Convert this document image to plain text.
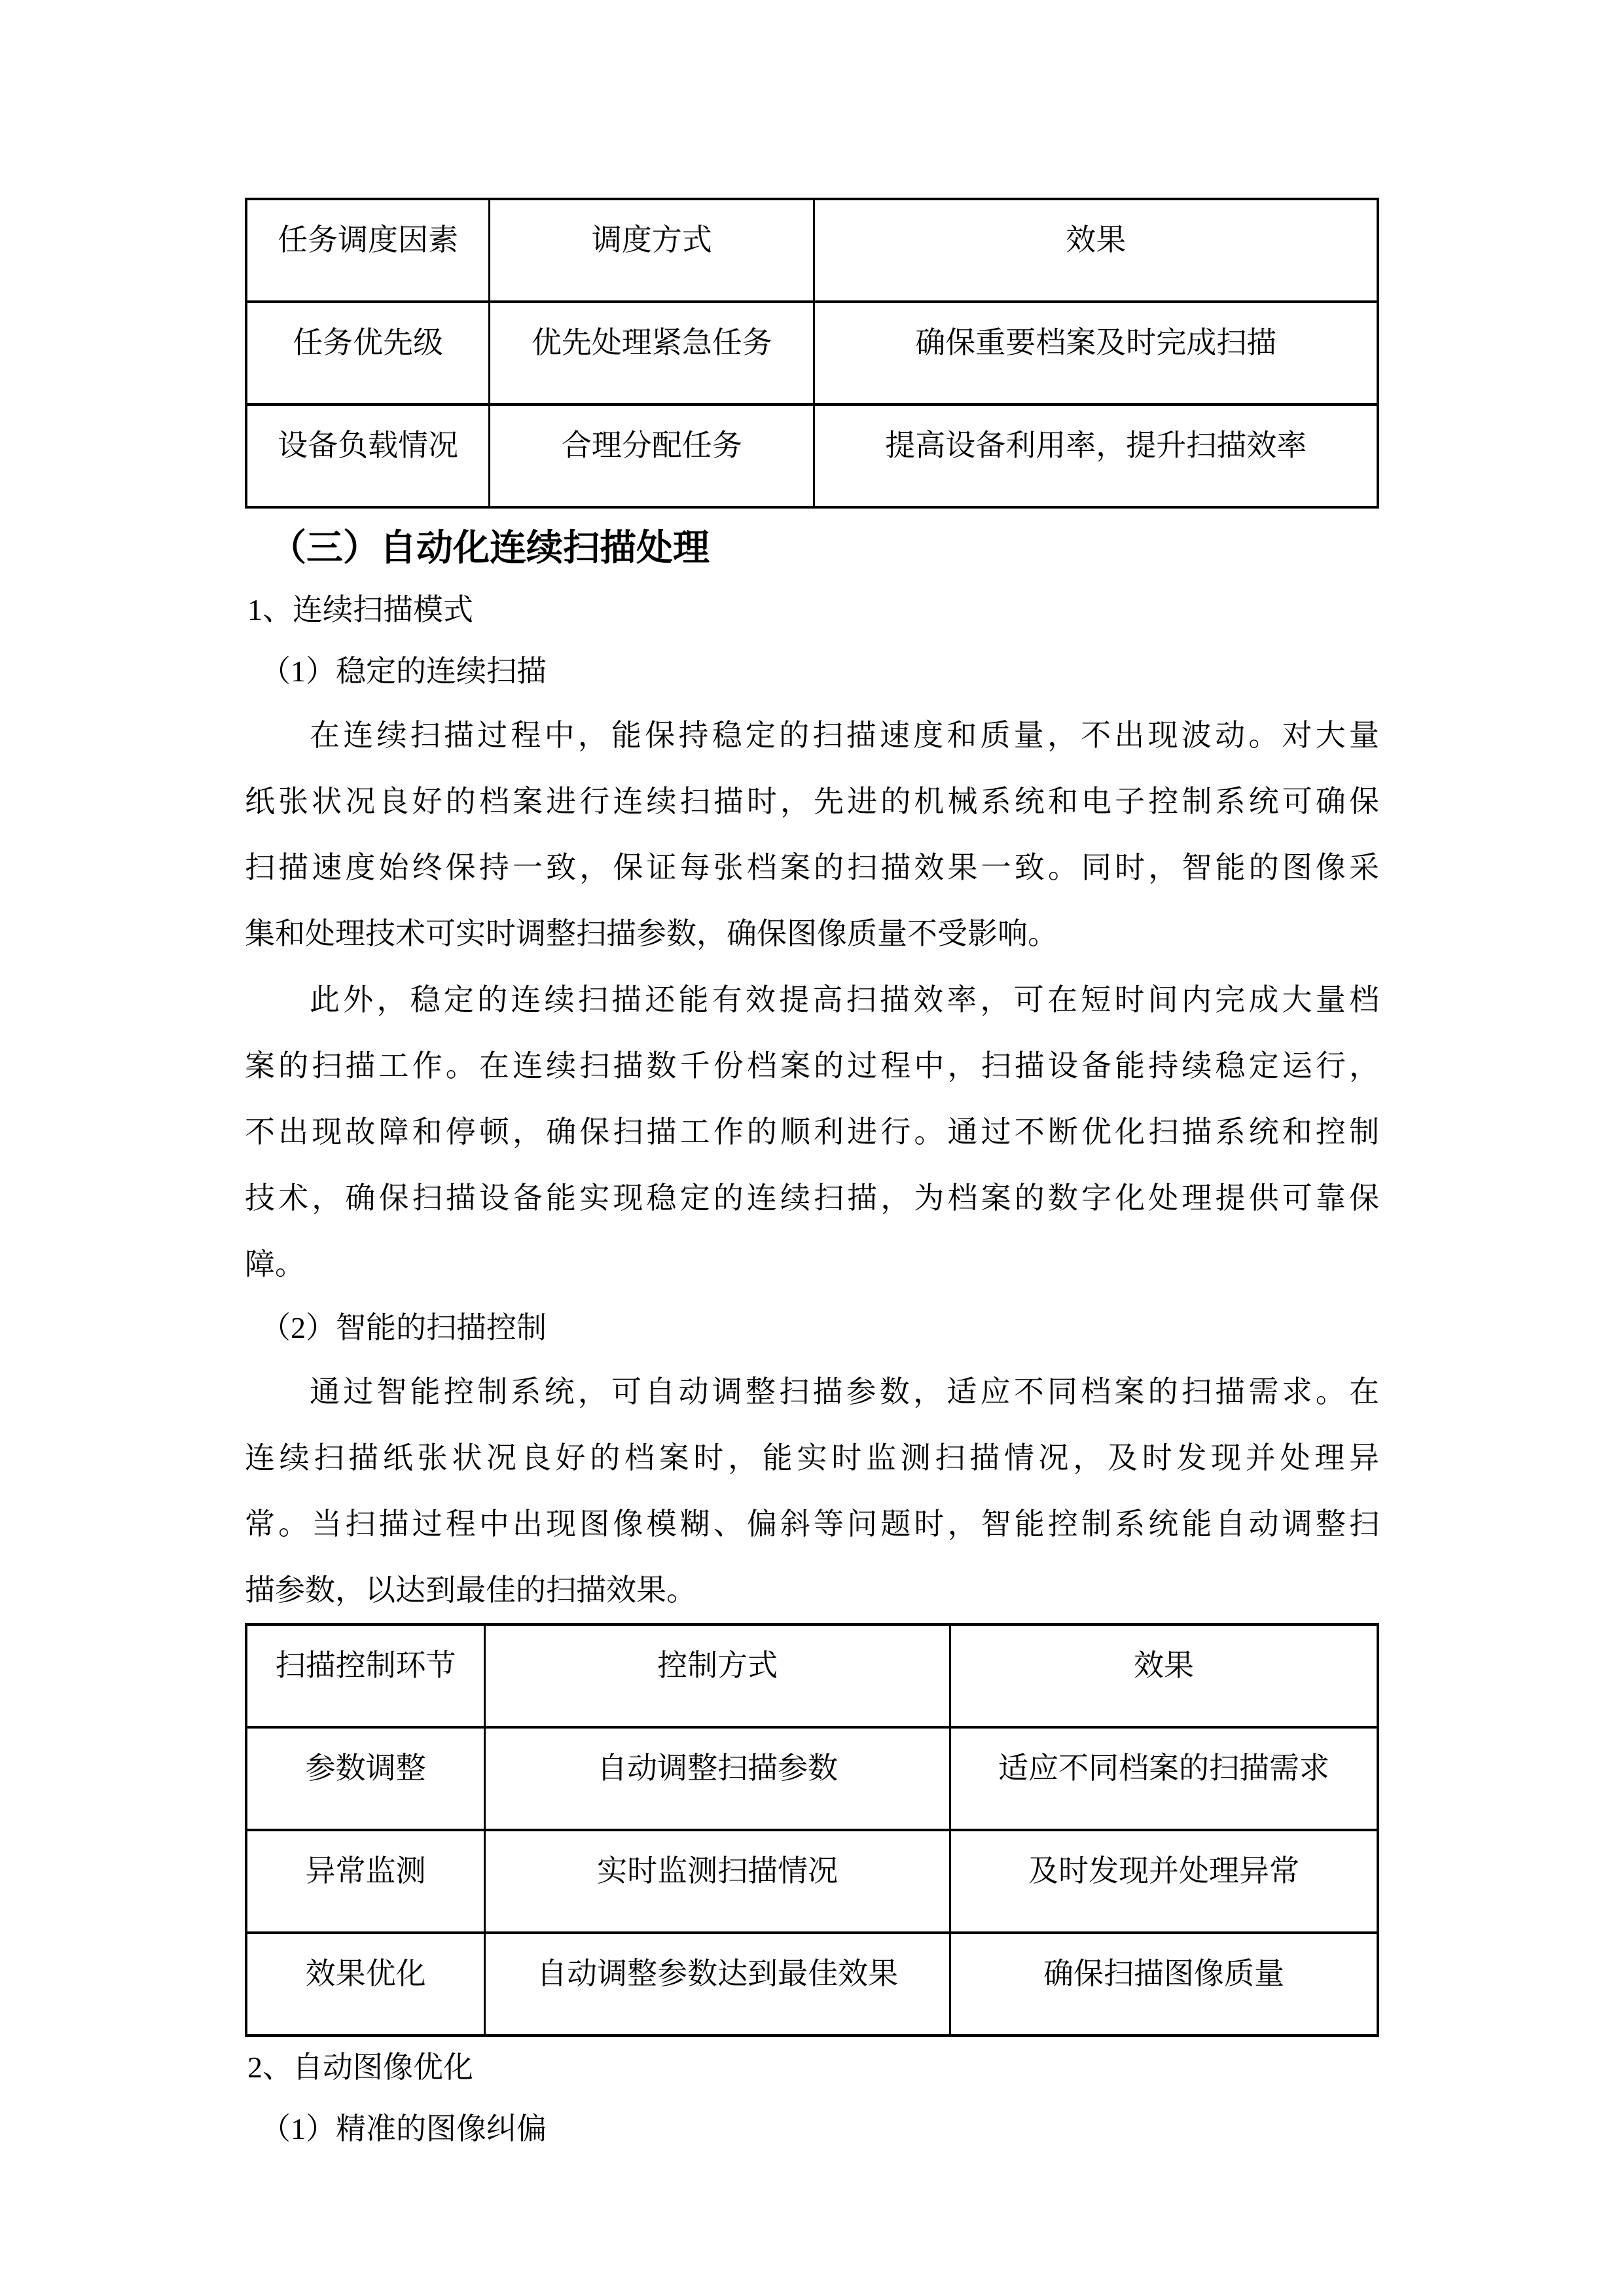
任务调度因素	调度方式	效果
任务优先级	优先处理紧急任务	确保重要档案及时完成扫描
设备负载情况	合理分配任务	提高设备利用率，提升扫描效率
（三）自动化连续扫描处理
1、连续扫描模式
（1）稳定的连续扫描
在连续扫描过程中，能保持稳定的扫描速度和质量，不出现波动。对大量
纸张状况良好的档案进行连续扫描时，先进的机械系统和电子控制系统可确保
扫描速度始终保持一致，保证每张档案的扫描效果一致。同时，智能的图像采
集和处理技术可实时调整扫描参数，确保图像质量不受影响。
此外，稳定的连续扫描还能有效提高扫描效率，可在短时间内完成大量档
案的扫描工作。在连续扫描数千份档案的过程中，扫描设备能持续稳定运行，
不出现故障和停顿，确保扫描工作的顺利进行。通过不断优化扫描系统和控制
技术，确保扫描设备能实现稳定的连续扫描，为档案的数字化处理提供可靠保
障。
（2）智能的扫描控制
通过智能控制系统，可自动调整扫描参数，适应不同档案的扫描需求。在
连续扫描纸张状况良好的档案时，能实时监测扫描情况，及时发现并处理异
常。当扫描过程中出现图像模糊、偏斜等问题时，智能控制系统能自动调整扫
描参数，以达到最佳的扫描效果。
扫描控制环节	控制方式	效果
参数调整	自动调整扫描参数	适应不同档案的扫描需求
异常监测	实时监测扫描情况	及时发现并处理异常
效果优化	自动调整参数达到最佳效果	确保扫描图像质量
2、自动图像优化
（1）精准的图像纠偏
